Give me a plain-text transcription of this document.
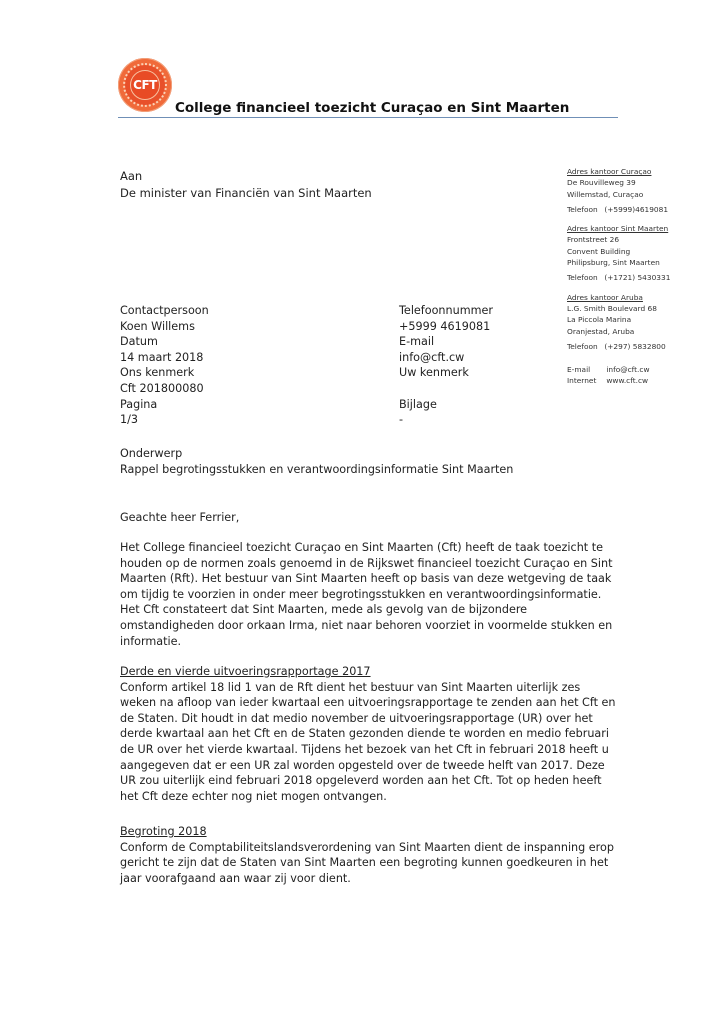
CFT
College financieel toezicht Curaçao en Sint Maarten
Aan
De minister van Financiën van Sint Maarten
Adres kantoor Curaçao
De Rouvilleweg 39
Willemstad, Curaçao
Telefoon (+5999)4619081
Adres kantoor Sint Maarten
Frontstreet 26
Convent Building
Philipsburg, Sint Maarten
Telefoon (+1721) 5430331
Adres kantoor Aruba
L.G. Smith Boulevard 68
La Piccola Marina
Oranjestad, Aruba
Telefoon (+297) 5832800
E-mail info@cft.cw
Internet www.cft.cw
Contactpersoon
Koen Willems
Datum
14 maart 2018
Ons kenmerk
Cft 201800080
Pagina
1/3
Telefoonnummer
+5999 4619081
E-mail
info@cft.cw
Uw kenmerk
Bijlage
-
Onderwerp
Rappel begrotingsstukken en verantwoordingsinformatie Sint Maarten
Geachte heer Ferrier,
Het College financieel toezicht Curaçao en Sint Maarten (Cft) heeft de taak toezicht te
houden op de normen zoals genoemd in de Rijkswet financieel toezicht Curaçao en Sint
Maarten (Rft). Het bestuur van Sint Maarten heeft op basis van deze wetgeving de taak
om tijdig te voorzien in onder meer begrotingsstukken en verantwoordingsinformatie.
Het Cft constateert dat Sint Maarten, mede als gevolg van de bijzondere
omstandigheden door orkaan Irma, niet naar behoren voorziet in voormelde stukken en
informatie.
Derde en vierde uitvoeringsrapportage 2017
Conform artikel 18 lid 1 van de Rft dient het bestuur van Sint Maarten uiterlijk zes
weken na afloop van ieder kwartaal een uitvoeringsrapportage te zenden aan het Cft en
de Staten. Dit houdt in dat medio november de uitvoeringsrapportage (UR) over het
derde kwartaal aan het Cft en de Staten gezonden diende te worden en medio februari
de UR over het vierde kwartaal. Tijdens het bezoek van het Cft in februari 2018 heeft u
aangegeven dat er een UR zal worden opgesteld over de tweede helft van 2017. Deze
UR zou uiterlijk eind februari 2018 opgeleverd worden aan het Cft. Tot op heden heeft
het Cft deze echter nog niet mogen ontvangen.
Begroting 2018
Conform de Comptabiliteitslandsverordening van Sint Maarten dient de inspanning erop
gericht te zijn dat de Staten van Sint Maarten een begroting kunnen goedkeuren in het
jaar voorafgaand aan waar zij voor dient.
